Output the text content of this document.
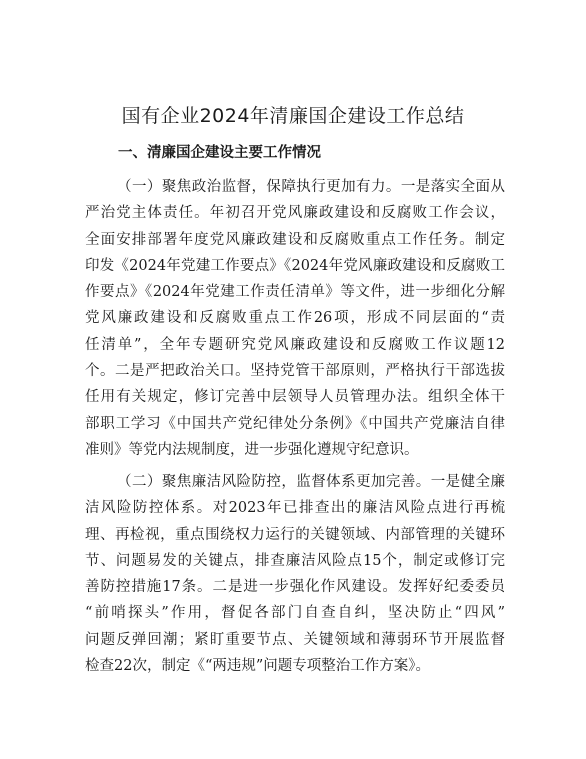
国有企业2024年清廉国企建设工作总结
一、清廉国企建设主要工作情况
（一）聚焦政治监督，保障执行更加有力。一是落实全面从
严治党主体责任。年初召开党风廉政建设和反腐败工作会议，
全面安排部署年度党风廉政建设和反腐败重点工作任务。制定
印发《2024年党建工作要点》《2024年党风廉政建设和反腐败工
作要点》《2024年党建工作责任清单》等文件，进一步细化分解
党风廉政建设和反腐败重点工作26项，形成不同层面的“责
任清单”，全年专题研究党风廉政建设和反腐败工作议题12
个。二是严把政治关口。坚持党管干部原则，严格执行干部选拔
任用有关规定，修订完善中层领导人员管理办法。组织全体干
部职工学习《中国共产党纪律处分条例》《中国共产党廉洁自律
准则》等党内法规制度，进一步强化遵规守纪意识。
（二）聚焦廉洁风险防控，监督体系更加完善。一是健全廉
洁风险防控体系。对2023年已排查出的廉洁风险点进行再梳
理、再检视，重点围绕权力运行的关键领域、内部管理的关键环
节、问题易发的关键点，排查廉洁风险点15个，制定或修订完
善防控措施17条。二是进一步强化作风建设。发挥好纪委委员
“前哨探头”作用，督促各部门自查自纠，坚决防止“四风”
问题反弹回潮；紧盯重要节点、关键领域和薄弱环节开展监督
检查22次，制定《“两违规”问题专项整治工作方案》。
